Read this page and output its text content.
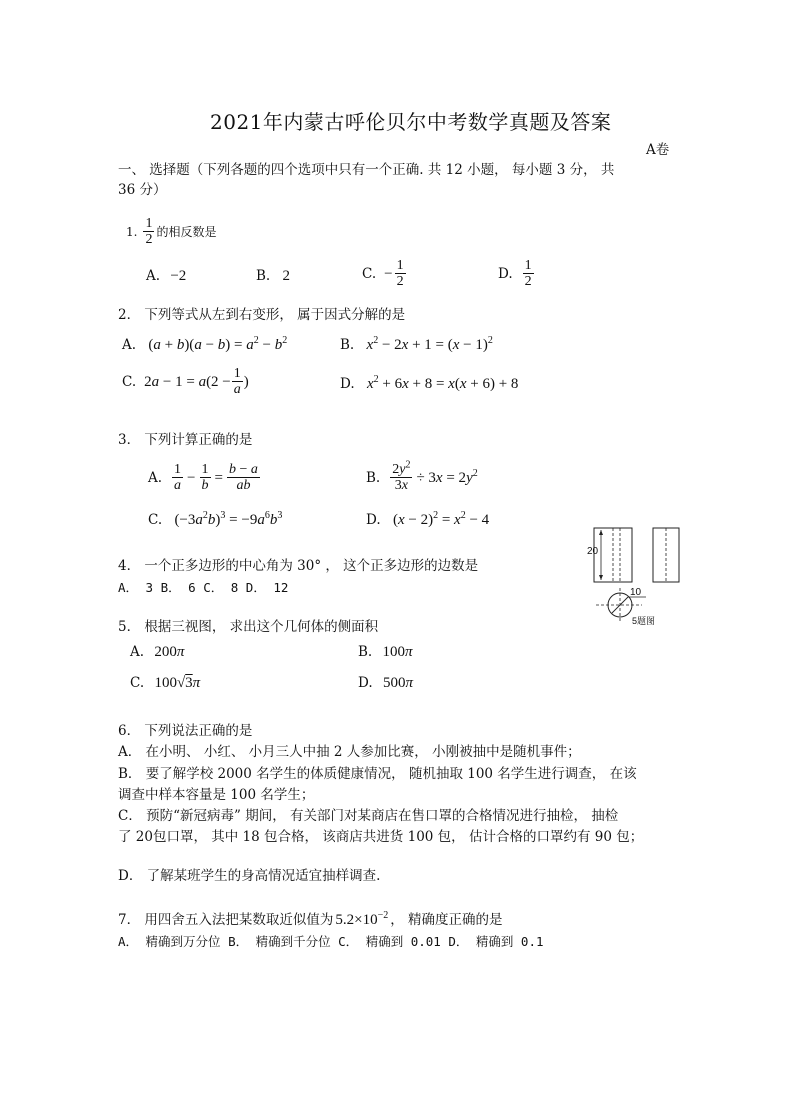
2021年内蒙古呼伦贝尔中考数学真题及答案
A卷
一、 选择题（下列各题的四个选项中只有一个正确. 共 12 小题， 每小题 3 分， 共
36 分）
1. $\frac{1}{2}$ 的相反数是
A. −2	B. 2	C. − $\frac{1}{2}$	D. $\frac{1}{2}$
2． 下列等式从左到右变形， 属于因式分解的是
A. $(a + b)(a - b) = a^2 - b^2$	B. $x^2 - 2x + 1 = (x - 1)^2$
C. $2a - 1 = a(2 - \frac{1}{a}$ )	D. $x^2 + 6x + 8 = x(x + 6) + 8$
3． 下列计算正确的是
A. $\frac{1}{a} - \frac{1}{b} = \frac{b - a}{ab}$	B. $\frac{2y^2}{3x} \div 3x = 2y^2$
C. $(-3a^2b)^3 = -9a^6b^3$	D. $(x - 2)^2 = x^2 - 4$
4． 一个正多边形的中心角为 30° ， 这个正多边形的边数是
A． 3 B． 6 C． 8 D． 12
20
10
5题图
5． 根据三视图， 求出这个几何体的侧面积
A. 200π	B. 100π
C. 100√3π	D. 500π
6． 下列说法正确的是
A． 在小明、 小红、 小月三人中抽 2 人参加比赛， 小刚被抽中是随机事件；
B． 要了解学校 2000 名学生的体质健康情况， 随机抽取 100 名学生进行调查， 在该
调查中样本容量是 100 名学生；
C． 预防“新冠病毒” 期间， 有关部门对某商店在售口罩的合格情况进行抽检， 抽检
了 20包口罩， 其中 18 包合格， 该商店共进货 100 包， 估计合格的口罩约有 90 包；
D． 了解某班学生的身高情况适宜抽样调查.
7． 用四舍五入法把某数取近似值为 $5.2\times 10^{-2}$ ， 精确度正确的是
A． 精确到万分位 B． 精确到千分位 C． 精确到 0.01 D． 精确到 0.1
